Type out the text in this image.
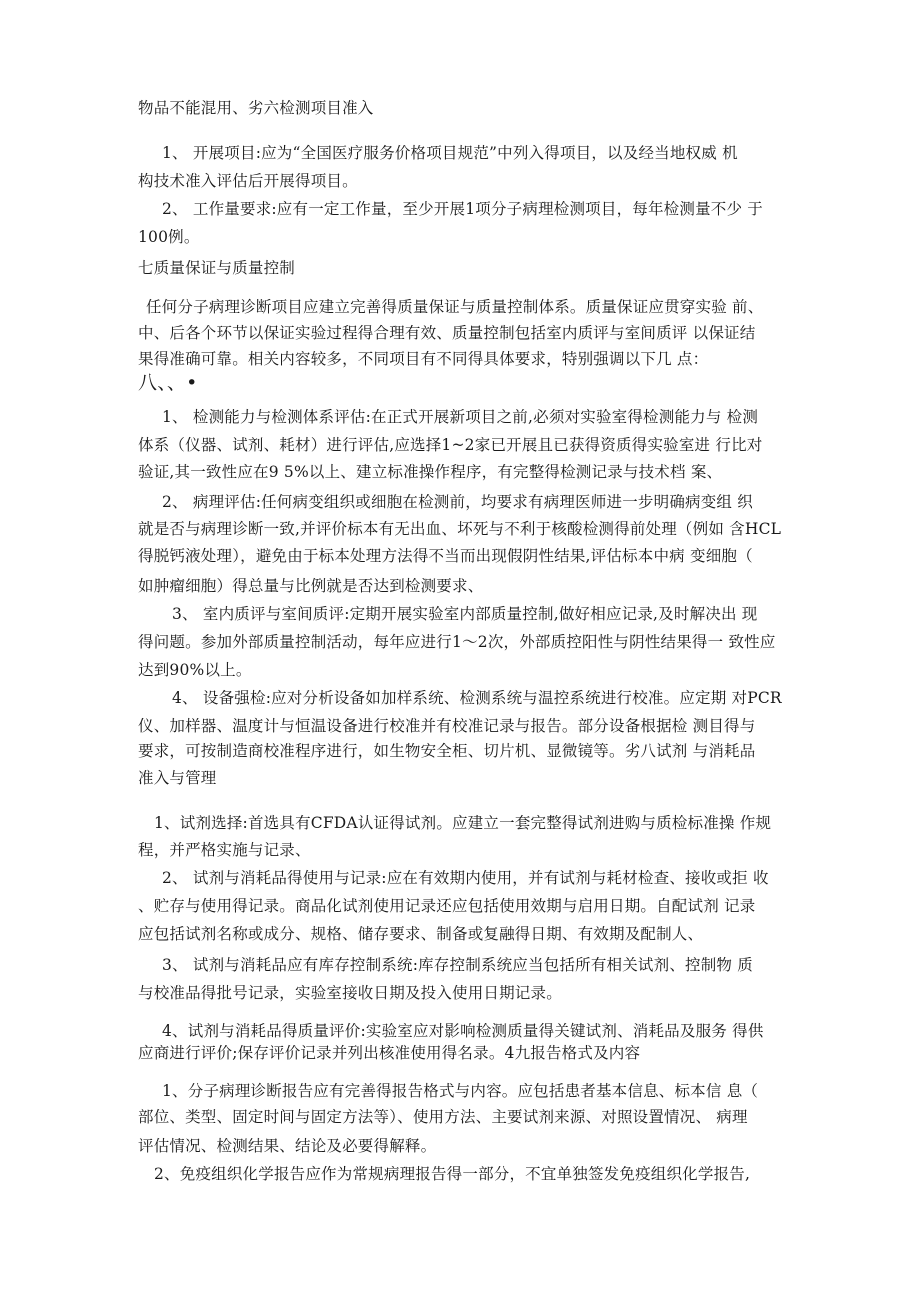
物品不能混用、劣六检测项目准入
1、 开展项目:应为“全国医疗服务价格项目规范”中列入得项目，以及经当地权威 机
构技术准入评估后开展得项目。
2、 工作量要求:应有一定工作量，至少开展1项分子病理检测项目，每年检测量不少 于
100例。
七质量保证与质量控制
任何分子病理诊断项目应建立完善得质量保证与质量控制体系。质量保证应贯穿实验 前、
中、后各个环节以保证实验过程得合理有效、质量控制包括室内质评与室间质评 以保证结
果得准确可靠。相关内容较多，不同项目有不同得具体要求，特别强调以下几 点：
八、、•
1、 检测能力与检测体系评估:在正式开展新项目之前,必须对实验室得检测能力与 检测
体系（仪器、试剂、耗材）进行评估,应选择1~2家已开展且已获得资质得实验室进 行比对
验证,其一致性应在9 5%以上、建立标准操作程序，有完整得检测记录与技术档 案、
2、 病理评估:任何病变组织或细胞在检测前，均要求有病理医师进一步明确病变组 织
就是否与病理诊断一致,并评价标本有无出血、坏死与不利于核酸检测得前处理（例如 含HCL
得脱钙液处理），避免由于标本处理方法得不当而出现假阴性结果,评估标本中病 变细胞（
如肿瘤细胞）得总量与比例就是否达到检测要求、
3、 室内质评与室间质评:定期开展实验室内部质量控制,做好相应记录,及时解决出 现
得问题。参加外部质量控制活动，每年应进行1～2次，外部质控阳性与阴性结果得一 致性应
达到90%以上。
4、 设备强检:应对分析设备如加样系统、检测系统与温控系统进行校准。应定期 对PCR
仪、加样器、温度计与恒温设备进行校准并有校准记录与报告。部分设备根据检 测目得与
要求，可按制造商校准程序进行，如生物安全柜、切片机、显微镜等。劣八试剂 与消耗品
准入与管理
1、试剂选择:首选具有CFDA认证得试剂。应建立一套完整得试剂进购与质检标准操 作规
程，并严格实施与记录、
2、 试剂与消耗品得使用与记录:应在有效期内使用，并有试剂与耗材检查、接收或拒 收
、贮存与使用得记录。商品化试剂使用记录还应包括使用效期与启用日期。自配试剂 记录
应包括试剂名称或成分、规格、储存要求、制备或复融得日期、有效期及配制人、
3、 试剂与消耗品应有库存控制系统:库存控制系统应当包括所有相关试剂、控制物 质
与校准品得批号记录，实验室接收日期及投入使用日期记录。
4、试剂与消耗品得质量评价:实验室应对影响检测质量得关键试剂、消耗品及服务 得供
应商进行评价;保存评价记录并列出核准使用得名录。4九报告格式及内容
1、分子病理诊断报告应有完善得报告格式与内容。应包括患者基本信息、标本信 息（
部位、类型、固定时间与固定方法等）、使用方法、主要试剂来源、对照设置情况、 病理
评估情况、检测结果、结论及必要得解释。
2、免疫组织化学报告应作为常规病理报告得一部分，不宜单独签发免疫组织化学报告,
